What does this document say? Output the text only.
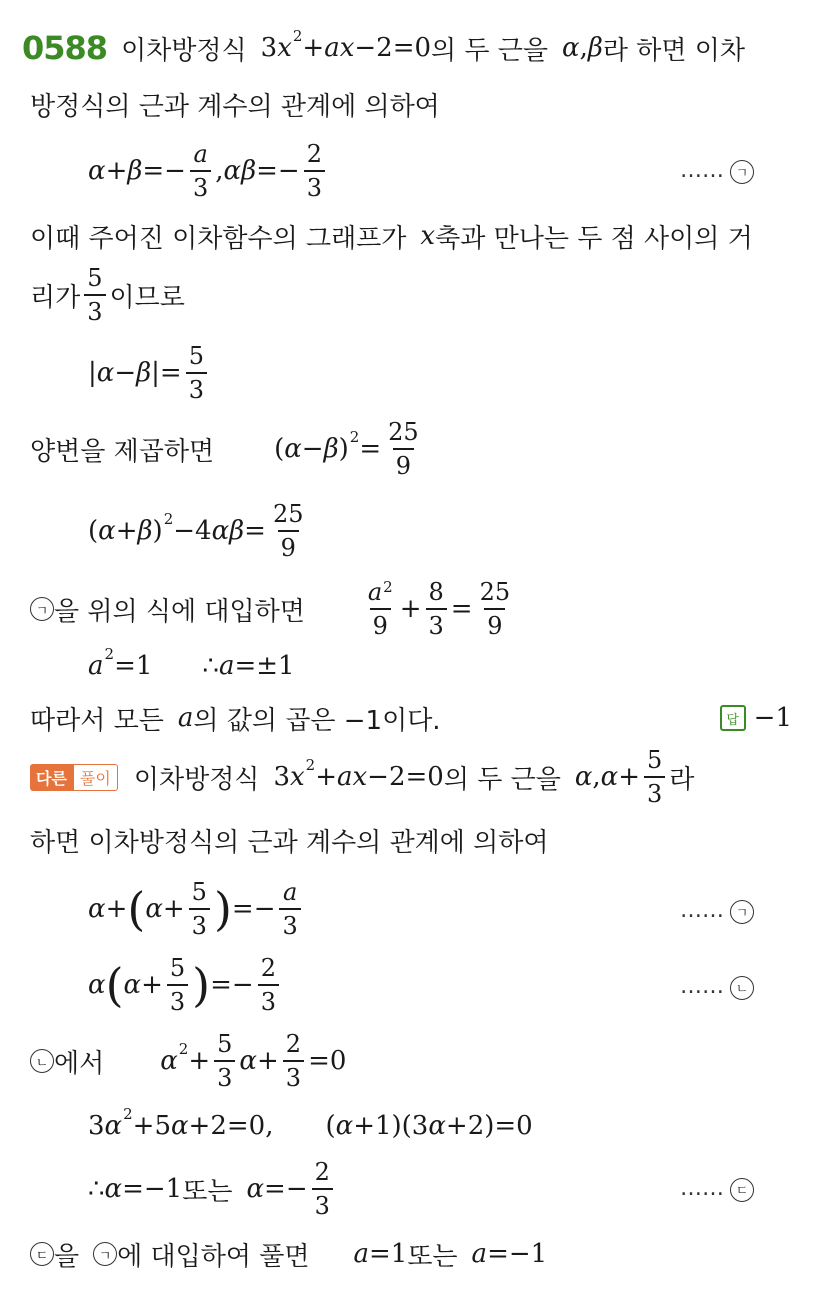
0588 이차방정식 3 x 2 + ax −2=0 의 두 근을 α , β 라 하면 이차
방정식의 근과 계수의 관계에 의하여
$\alpha + \beta =- \frac{a}{3}$ , $\alpha\beta =- \frac{2}{3}$	…… ㄱ
이때 주어진 이차함수의 그래프가 x 축과 만나는 두 점 사이의 거
리가 $\frac{5}{3}$ 이므로
| α − β |= $\frac{5}{3}$
양변을 제곱하면 ( α − β ) $2 = \frac{25}{9}$
( α + β ) 2 −4 $\alpha\beta = \frac{25}{9}$
ㄱ 을 위의 식에 대입하면	$\frac{a^2}{9} + \frac{8}{3} = \frac{25}{9}$
a 2 =1 ∴ a =±1
따라서 모든 a 의 값의 곱은 −1이다.	답 −1
다른 풀이 이차방정식 3 x 2 + ax −2=0 의 두 근을 α , $\alpha + \frac{5}{3}$ 라
하면 이차방정식의 근과 계수의 관계에 의하여
α + ( $\alpha + \frac{5}{3}$ ) =− $\frac{a}{3}$	…… ㄱ
α ( $\alpha + \frac{5}{3}$ ) =− $\frac{2}{3}$	…… ㄴ
ㄴ 에서 α $2 + \frac{5}{3}$ $\alpha + \frac{2}{3} =0$
3 α 2 +5 α +2=0, ( α +1)(3 α +2)=0
∴ α =−1 또는 $\alpha =- \frac{2}{3}$	…… ㄷ
ㄷ 을	ㄱ 에 대입하여 풀면 a =1 또는 a =−1
